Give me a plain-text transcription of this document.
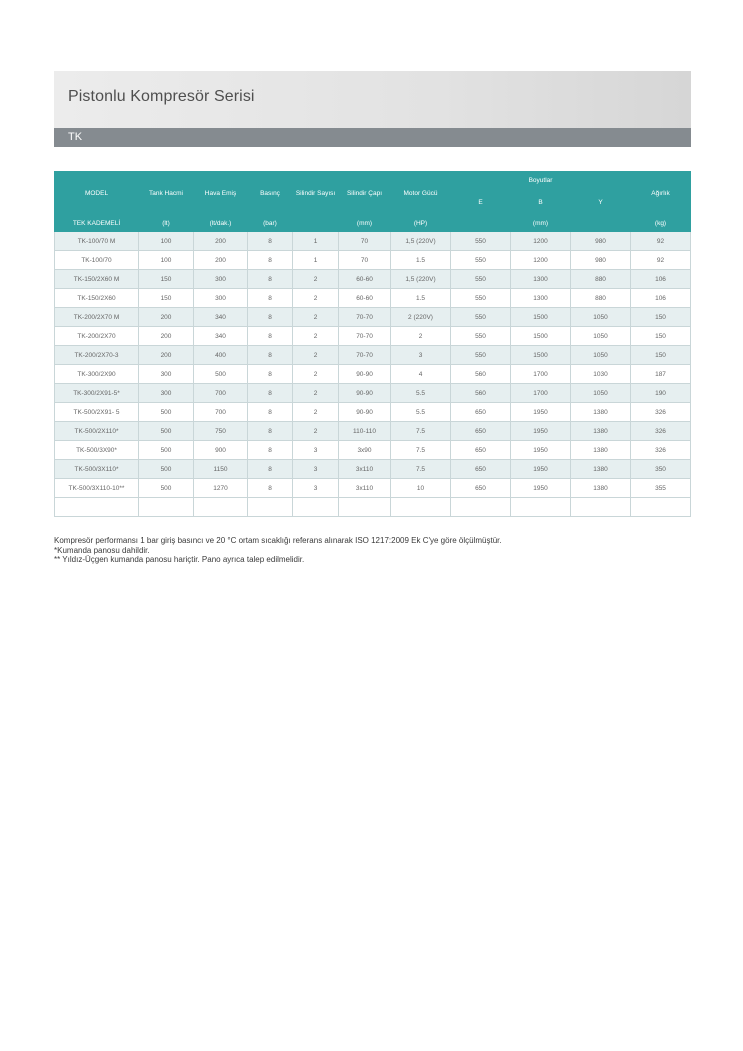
Pistonlu Kompresör Serisi
TK
MODEL	Tank Hacmi	Hava Emiş	Basınç	Silindir Sayısı	Silindir Çapı	Motor Gücü	Boyutlar			Ağırlık
							E	B	Y	
TEK KADEMELİ	(lt)	(lt/dak.)	(bar)		(mm)	(HP)		(mm)		(kg)
TK-100/70 M	100	200	8	1	70	1,5 (220V)	550	1200	980	92
TK-100/70	100	200	8	1	70	1.5	550	1200	980	92
TK-150/2X60 M	150	300	8	2	60-60	1,5 (220V)	550	1300	880	106
TK-150/2X60	150	300	8	2	60-60	1.5	550	1300	880	106
TK-200/2X70 M	200	340	8	2	70-70	2 (220V)	550	1500	1050	150
TK-200/2X70	200	340	8	2	70-70	2	550	1500	1050	150
TK-200/2X70-3	200	400	8	2	70-70	3	550	1500	1050	150
TK-300/2X90	300	500	8	2	90-90	4	560	1700	1030	187
TK-300/2X91-5*	300	700	8	2	90-90	5.5	560	1700	1050	190
TK-500/2X91- 5	500	700	8	2	90-90	5.5	650	1950	1380	326
TK-500/2X110*	500	750	8	2	110-110	7.5	650	1950	1380	326
TK-500/3X90*	500	900	8	3	3x90	7.5	650	1950	1380	326
TK-500/3X110*	500	1150	8	3	3x110	7.5	650	1950	1380	350
TK-500/3X110-10**	500	1270	8	3	3x110	10	650	1950	1380	355

Kompresör performansı 1 bar giriş basıncı ve 20 °C ortam sıcaklığı referans alınarak ISO 1217:2009 Ek C'ye göre ölçülmüştür.
*Kumanda panosu dahildir.
** Yıldız-Üçgen kumanda panosu hariçtir. Pano ayrıca talep edilmelidir.
